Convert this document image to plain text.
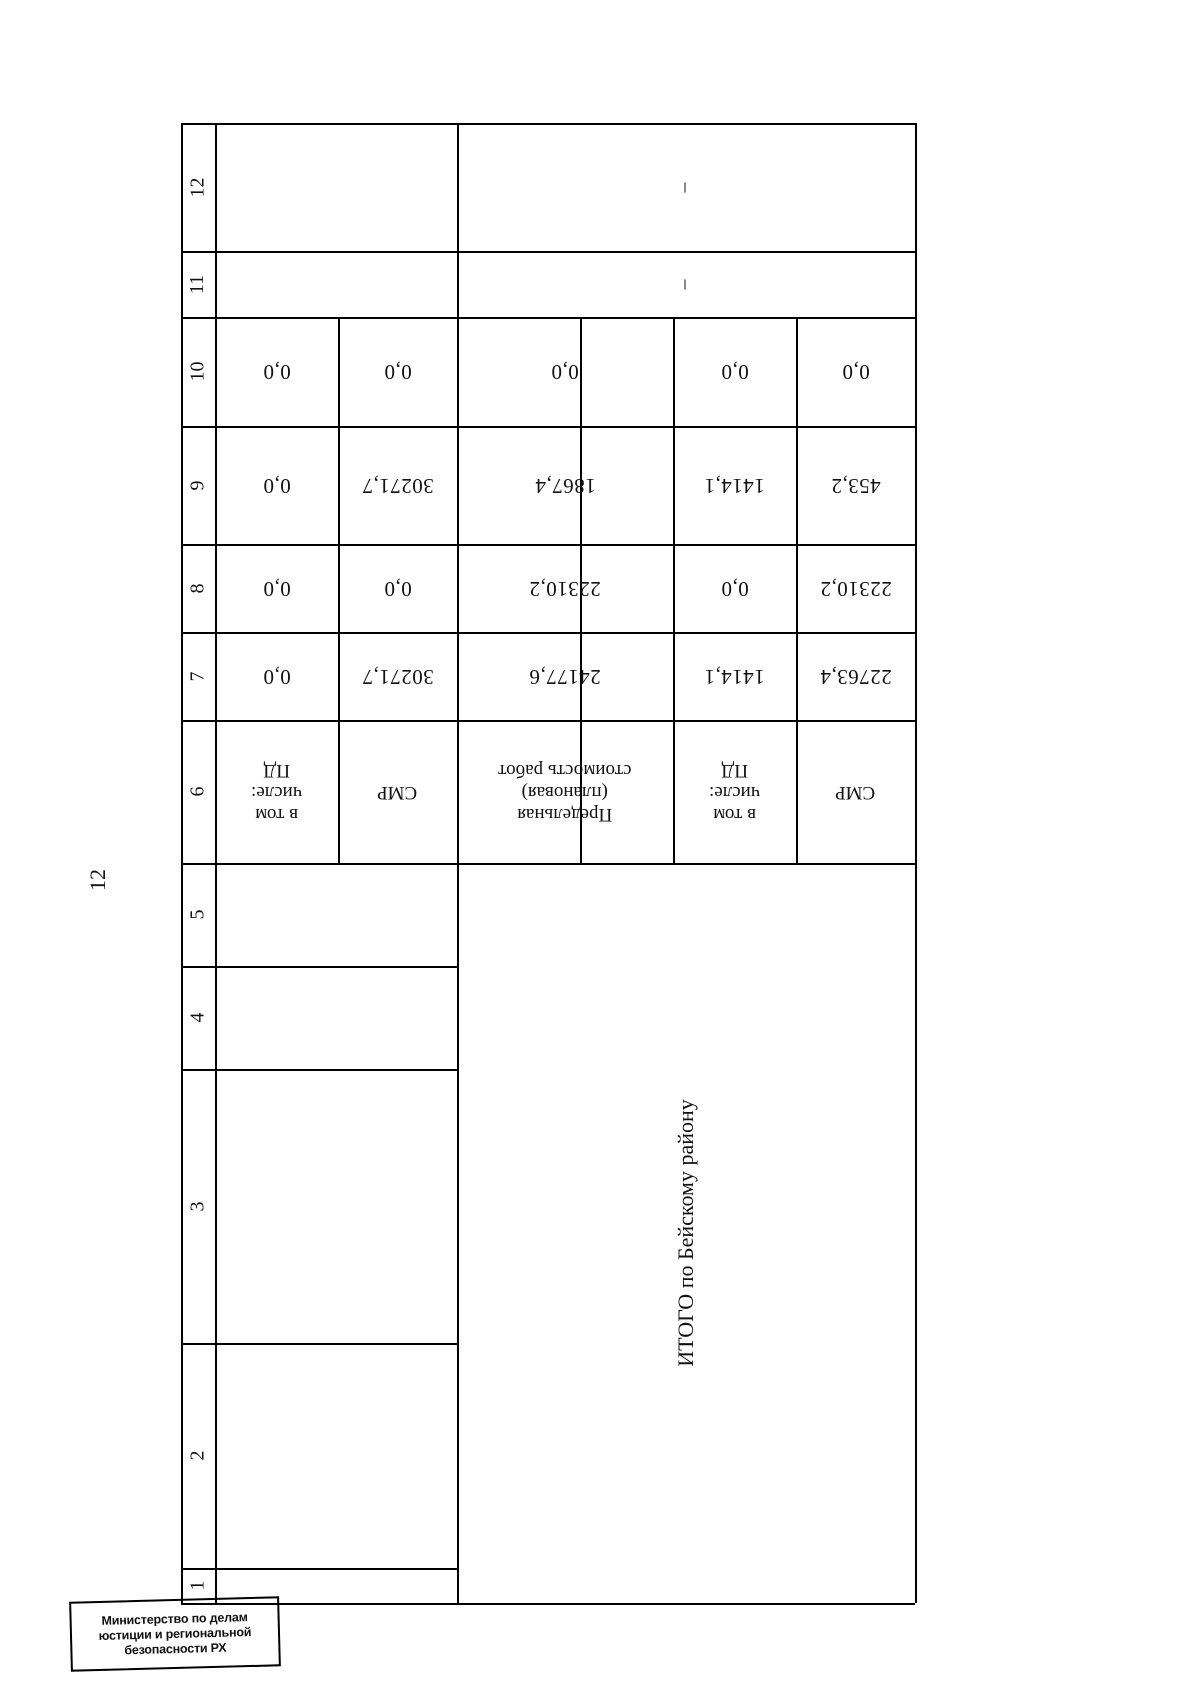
12
1
2
3
4
5
6
7
8
9
10
11
12
в том
числе:
ПД
0,0
0,0
0,0
0,0
СМР
0,0
30271,7
0,0
30271,7
Предельная
(плановая)
стоимость работ
0,0
1867,4
22310,2
24177,6
в том
числе:
ПД
0,0
1414,1
0,0
1414,1
СМР
0,0
453,2
22310,2
22763,4
–
–
ИТОГО по Бейскому району
Министерство по делам
юстиции и региональной
безопасности РХ
